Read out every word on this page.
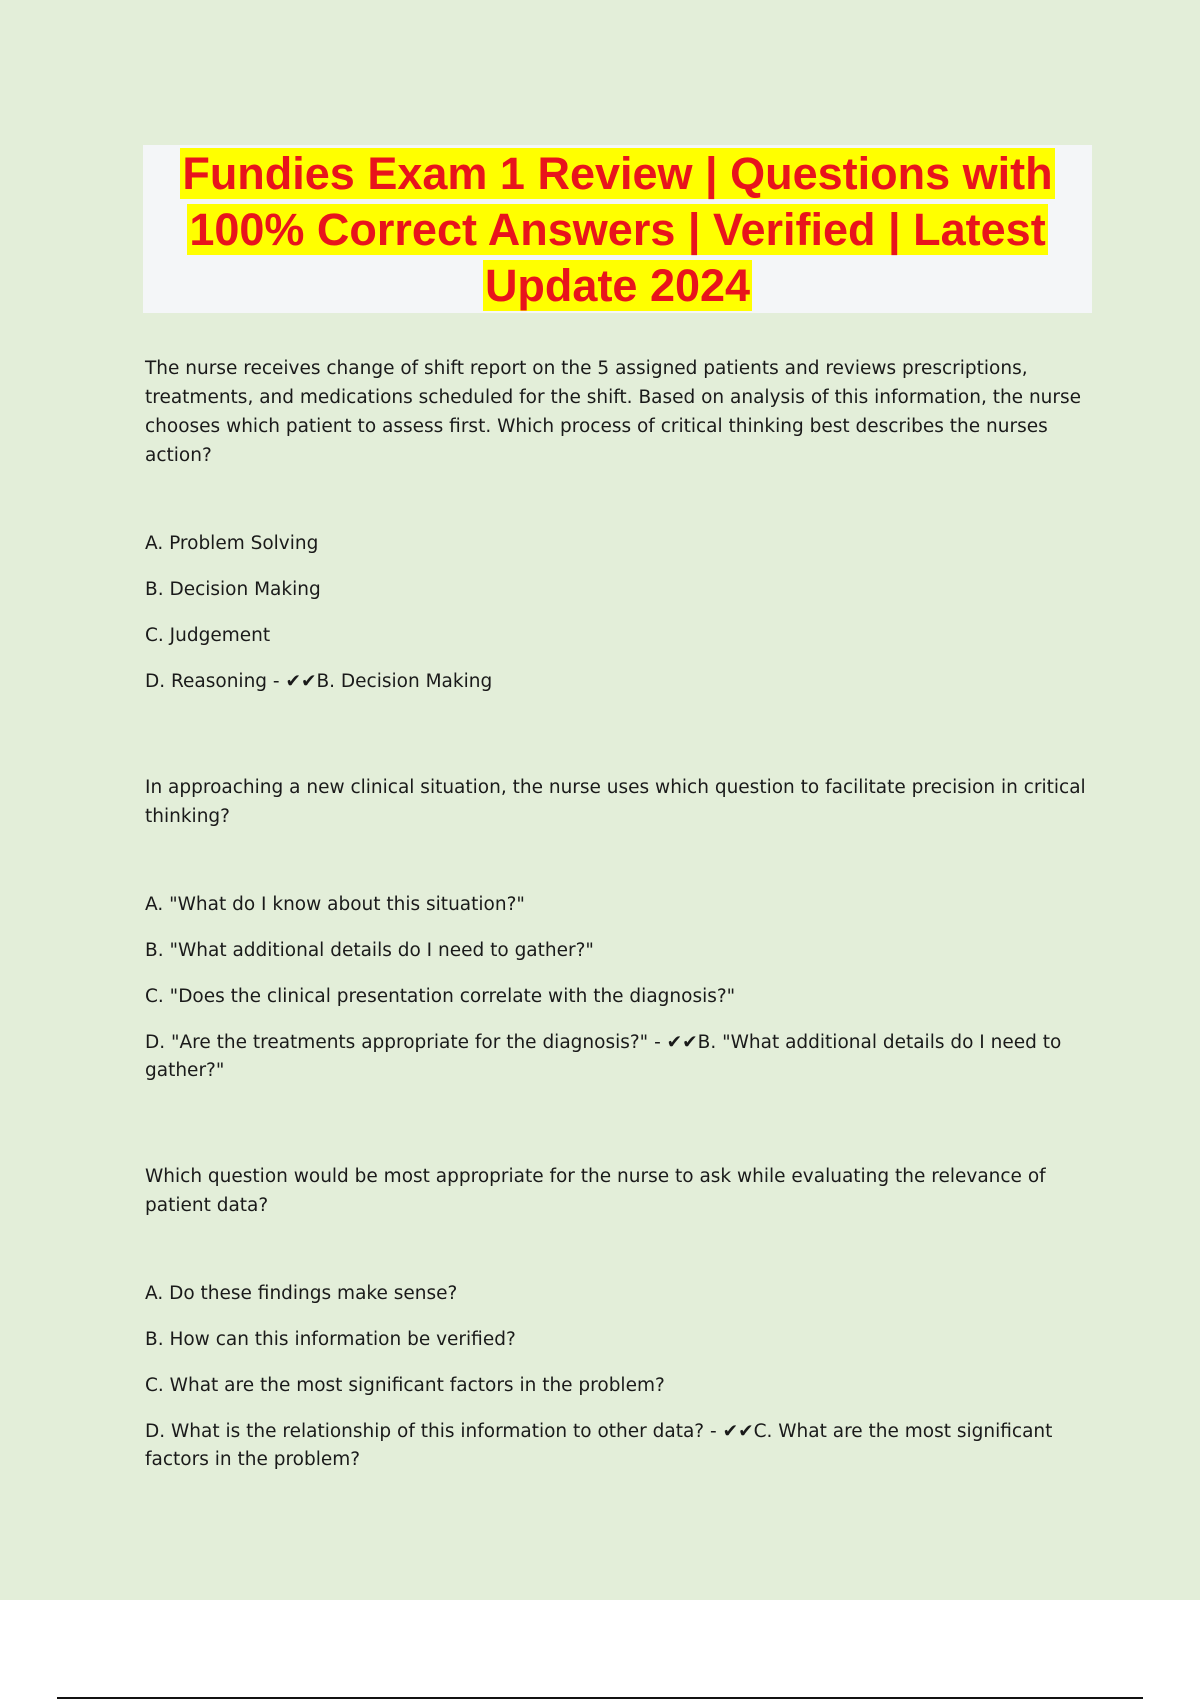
Fundies Exam 1 Review | Questions with
100% Correct Answers | Verified | Latest
Update 2024

The nurse receives change of shift report on the 5 assigned patients and reviews prescriptions, treatments, and medications scheduled for the shift. Based on analysis of this information, the nurse chooses which patient to assess first. Which process of critical thinking best describes the nurses action?

A. Problem Solving
B. Decision Making
C. Judgement
D. Reasoning - ✔✔B. Decision Making

In approaching a new clinical situation, the nurse uses which question to facilitate precision in critical thinking?

A. "What do I know about this situation?"
B. "What additional details do I need to gather?"
C. "Does the clinical presentation correlate with the diagnosis?"
D. "Are the treatments appropriate for the diagnosis?" - ✔✔B. "What additional details do I need to gather?"

Which question would be most appropriate for the nurse to ask while evaluating the relevance of patient data?

A. Do these findings make sense?
B. How can this information be verified?
C. What are the most significant factors in the problem?
D. What is the relationship of this information to other data? - ✔✔C. What are the most significant factors in the problem?
